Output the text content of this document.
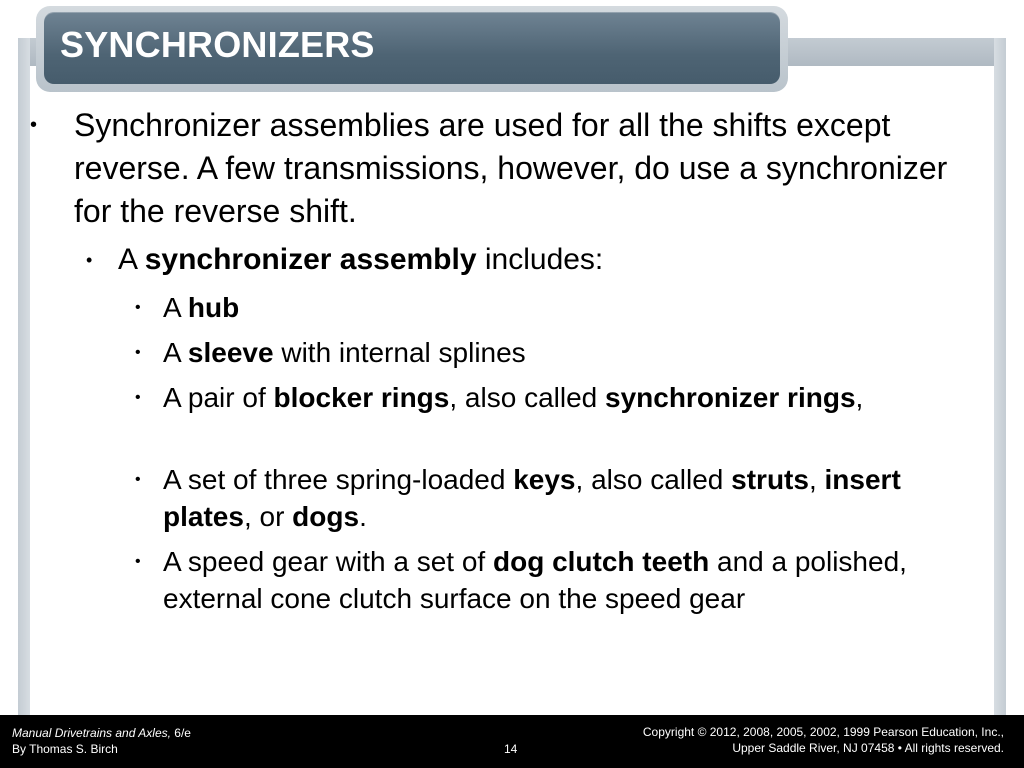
SYNCHRONIZERS
• Synchronizer assemblies are used for all the shifts except reverse. A few transmissions, however, do use a synchronizer for the reverse shift.
• A synchronizer assembly includes:
• A hub
• A sleeve with internal splines
• A pair of blocker rings, also called synchronizer rings,
• A set of three spring-loaded keys, also called struts, insert plates, or dogs.
• A speed gear with a set of dog clutch teeth and a polished, external cone clutch surface on the speed gear
Manual Drivetrains and Axles, 6/e
By Thomas S. Birch	14
Copyright © 2012, 2008, 2005, 2002, 1999 Pearson Education, Inc.,
Upper Saddle River, NJ 07458 • All rights reserved.
